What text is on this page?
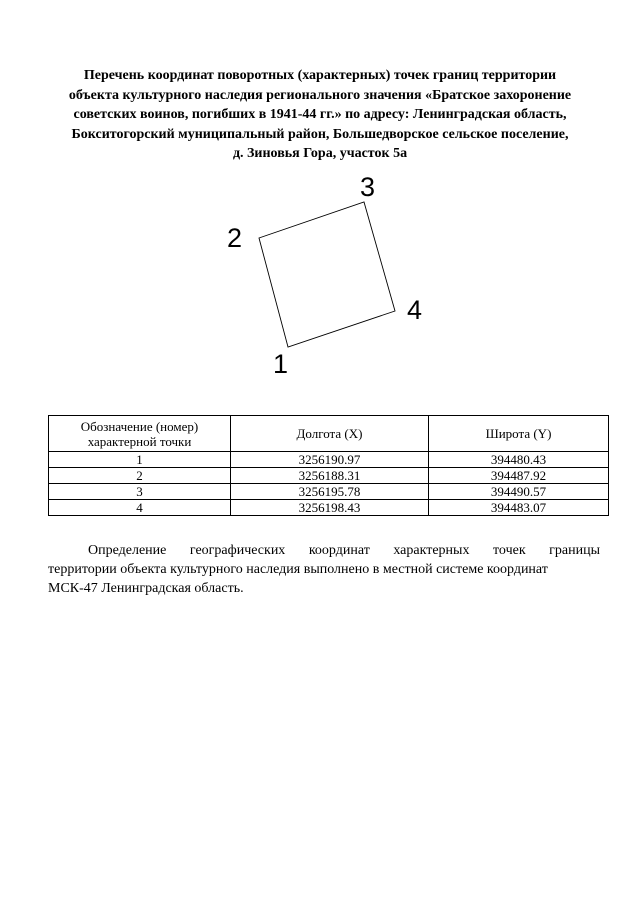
Перечень координат поворотных (характерных) точек границ территории
объекта культурного наследия регионального значения «Братское захоронение
советских воинов, погибших в 1941-44 гг.» по адресу: Ленинградская область,
Бокситогорский муниципальный район, Большедворское сельское поселение,
д. Зиновья Гора, участок 5а
1
2
3
4
Обозначение (номер) характерной точки	Долгота (X)	Широта (Y)
1	3256190.97	394480.43
2	3256188.31	394487.92
3	3256195.78	394490.57
4	3256198.43	394483.07
Определение географических координат характерных точек границы
территории объекта культурного наследия выполнено в местной системе координат
МСК-47 Ленинградская область.
